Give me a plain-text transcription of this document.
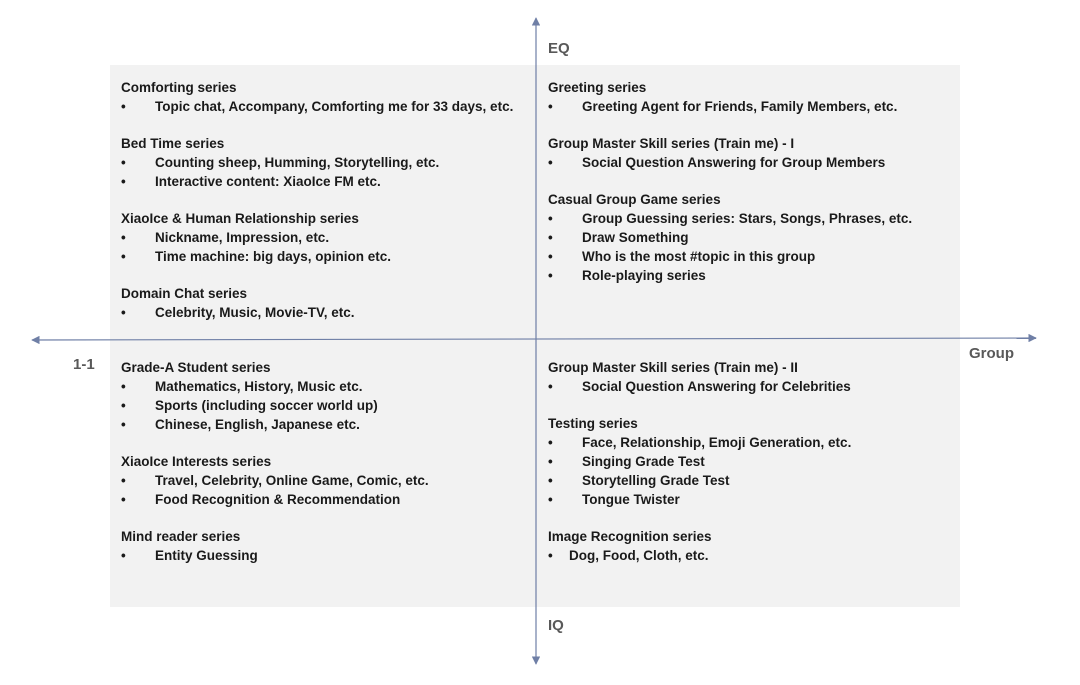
EQ
IQ
1-1
Group
Comforting series
• Topic chat, Accompany, Comforting me for 33 days, etc.
Bed Time series
• Counting sheep, Humming, Storytelling, etc.
• Interactive content: XiaoIce FM etc.
XiaoIce & Human Relationship series
• Nickname, Impression, etc.
• Time machine: big days, opinion etc.
Domain Chat series
• Celebrity, Music, Movie-TV, etc.
Greeting series
• Greeting Agent for Friends, Family Members, etc.
Group Master Skill series (Train me) - I
• Social Question Answering for Group Members
Casual Group Game series
• Group Guessing series: Stars, Songs, Phrases, etc.
• Draw Something
• Who is the most #topic in this group
• Role-playing series
Grade-A Student series
• Mathematics, History, Music etc.
• Sports (including soccer world up)
• Chinese, English, Japanese etc.
XiaoIce Interests series
• Travel, Celebrity, Online Game, Comic, etc.
• Food Recognition & Recommendation
Mind reader series
• Entity Guessing
Group Master Skill series (Train me) - II
• Social Question Answering for Celebrities
Testing series
• Face, Relationship, Emoji Generation, etc.
• Singing Grade Test
• Storytelling Grade Test
• Tongue Twister
Image Recognition series
• Dog, Food, Cloth, etc.
